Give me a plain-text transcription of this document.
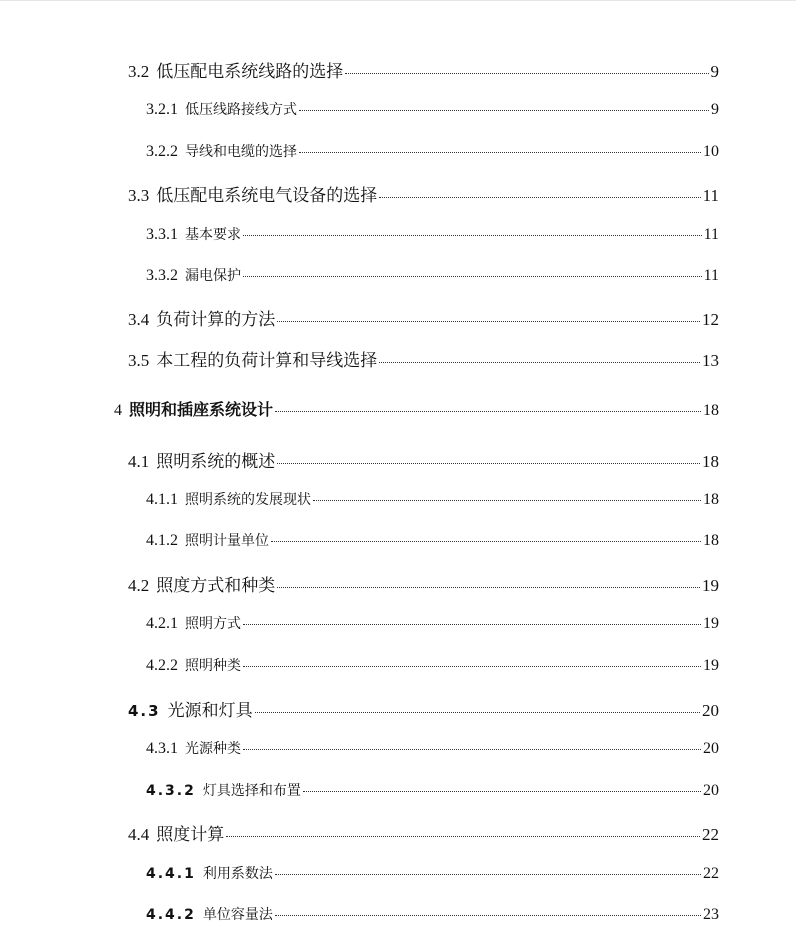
3.2 低压配电系统线路的选择	9
3.2.1 低压线路接线方式	9
3.2.2 导线和电缆的选择	10
3.3 低压配电系统电气设备的选择	11
3.3.1 基本要求	11
3.3.2 漏电保护	11
3.4 负荷计算的方法	12
3.5 本工程的负荷计算和导线选择	13
4 照明和插座系统设计	18
4.1 照明系统的概述	18
4.1.1 照明系统的发展现状	18
4.1.2 照明计量单位	18
4.2 照度方式和种类	19
4.2.1 照明方式	19
4.2.2 照明种类	19
4.3 光源和灯具	20
4.3.1 光源种类	20
4.3.2 灯具选择和布置	20
4.4 照度计算	22
4.4.1 利用系数法	22
4.4.2 单位容量法	23
